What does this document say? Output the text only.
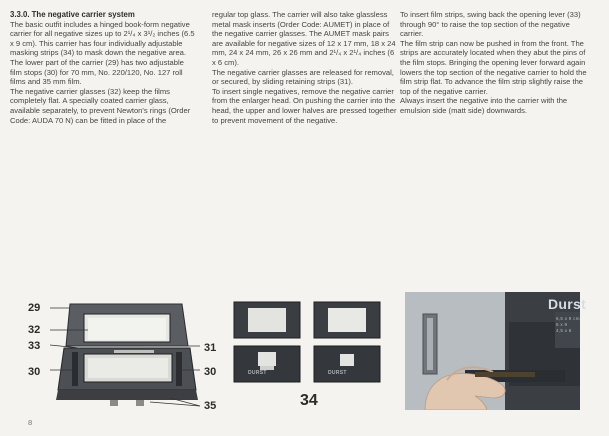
3.3.0. The negative carrier system

The basic outfit includes a hinged book-form negative carrier for all negative sizes up to 2¹/₄ x 3¹/₂ inches (6.5 x 9 cm). This carrier has four individually adjustable masking strips (34) to mask down the negative area. The lower part of the carrier (29) has two adjustable film stops (30) for 70 mm, No. 220/120, No. 127 roll films and 35 mm film.

The negative carrier glasses (32) keep the films completely flat. A specially coated carrier glass, available separately, to prevent Newton's rings (Order Code: AUDA 70 N) can be fitted in place of the

regular top glass. The carrier will also take glassless metal mask inserts (Order Code: AUMET) in place of the negative carrier glasses. The AUMET mask pairs are available for negative sizes of 12 x 17 mm, 18 x 24 mm, 24 x 24 mm, 26 x 26 mm and 2¹/₄ x 2¹/₄ inches (6 x 6 cm).

The negative carrier glasses are released for removal, or secured, by sliding retaining strips (31).

To insert single negatives, remove the negative carrier from the enlarger head. On pushing the carrier into the head, the upper and lower halves are pressed together to prevent movement of the negative.

To insert film strips, swing back the opening lever (33) through 90° to raise the top section of the negative carrier.

The film strip can now be pushed in from the front. The strips are accurately located when they abut the pins of the film stops. Bringing the opening lever forward again lowers the top section of the negative carrier to hold the film strip flat. To advance the film strip slightly raise the top of the negative carrier.

Always insert the negative into the carrier with the emulsion side (matt side) downwards.

29
32
33
30
31
30
35
DURST	DURST
34
Durst
6,5 x 9 cm
6 x 9
4,5 x 6
8
